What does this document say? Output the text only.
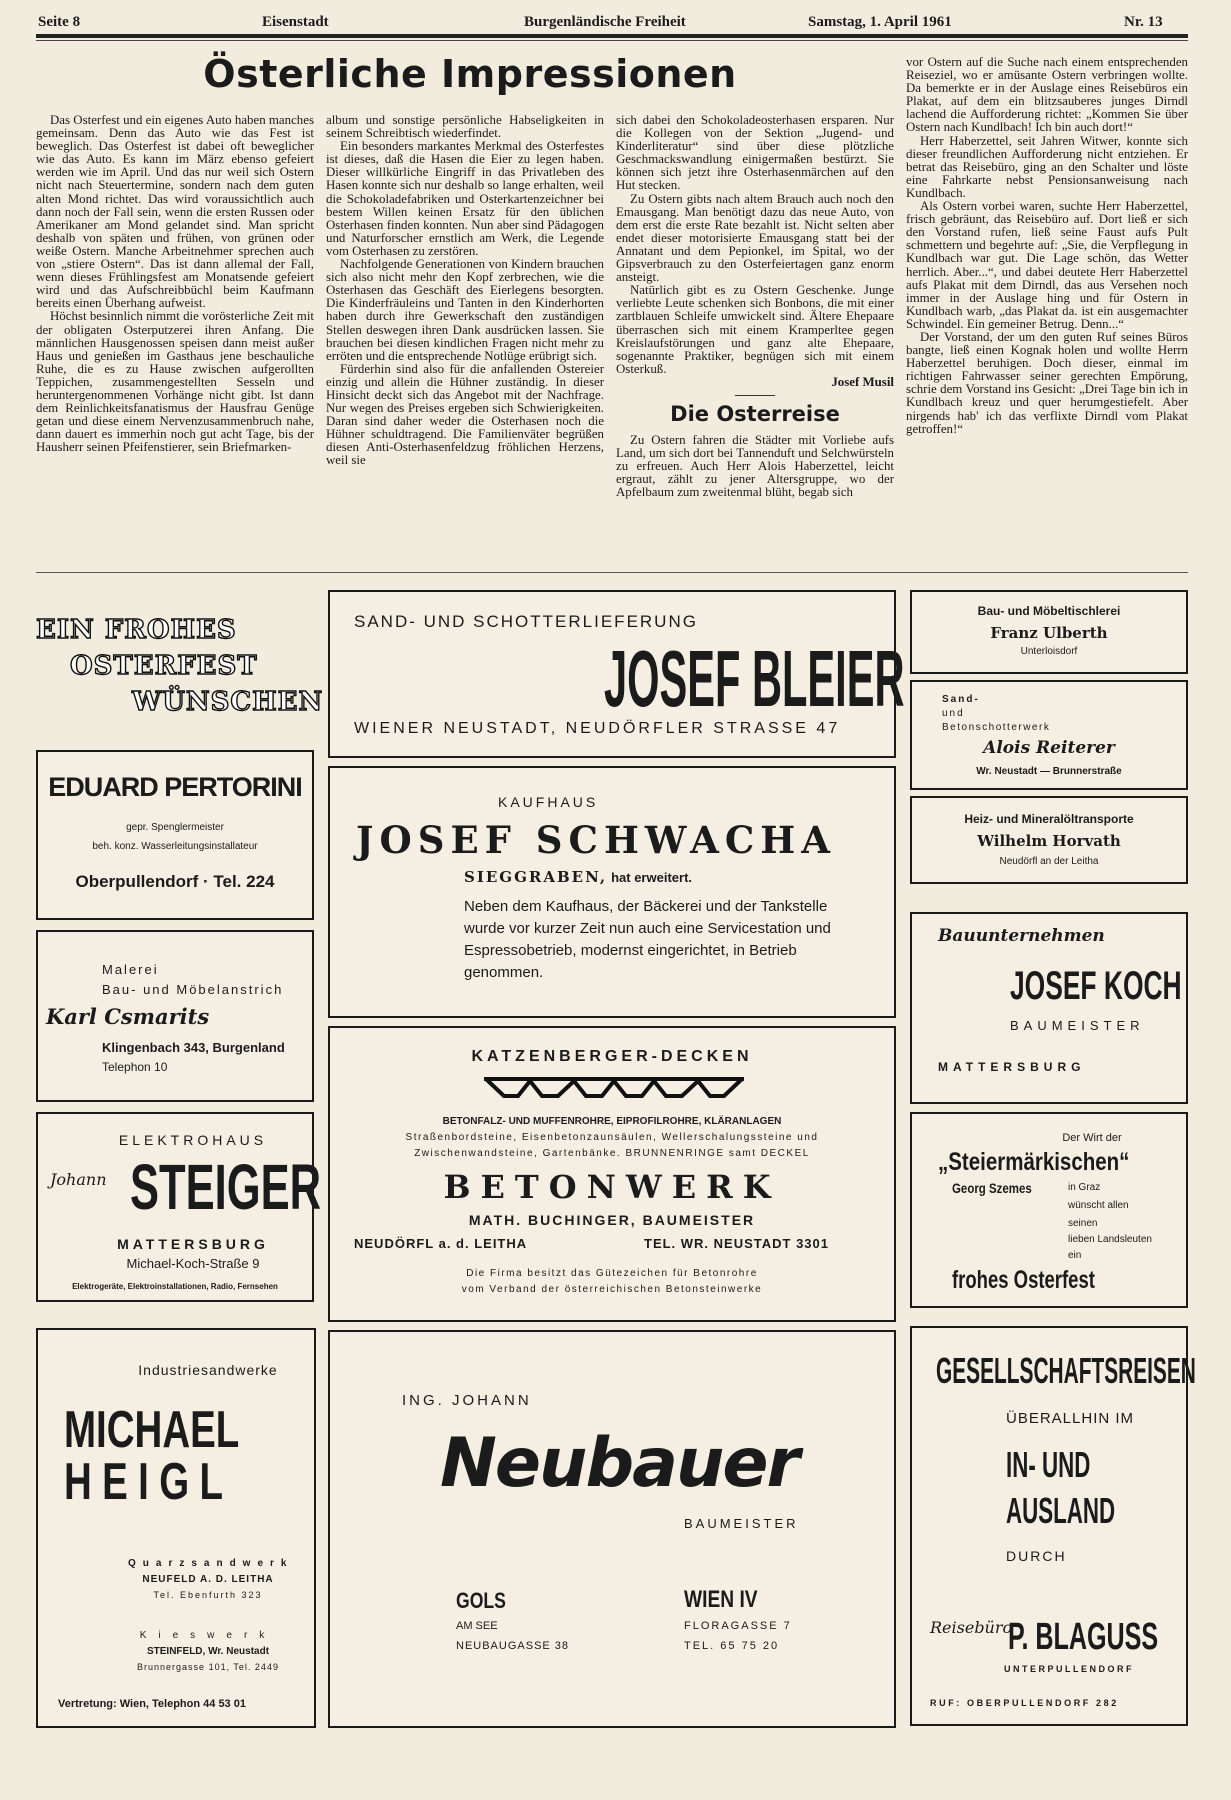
Seite 8	Eisenstadt	Burgenländische Freiheit	Samstag, 1. April 1961	Nr. 13
Österliche Impressionen

Das Osterfest und ein eigenes Auto haben manches gemeinsam. Denn das Auto wie das Fest ist beweglich. Das Osterfest ist dabei oft beweglicher wie das Auto. Es kann im März ebenso gefeiert werden wie im April. Und das nur weil sich Ostern nicht nach Steuertermine, sondern nach dem guten alten Mond richtet. Das wird voraussichtlich auch dann noch der Fall sein, wenn die ersten Russen oder Amerikaner am Mond gelandet sind. Man spricht deshalb von späten und frühen, von grünen oder weiße Ostern. Manche Arbeitnehmer sprechen auch von „stiere Ostern“. Das ist dann allemal der Fall, wenn dieses Frühlingsfest am Monatsende gefeiert wird und das Aufschreibbüchl beim Kaufmann bereits einen Überhang aufweist.

Höchst besinnlich nimmt die vorösterliche Zeit mit der obligaten Osterputzerei ihren Anfang. Die männlichen Hausgenossen speisen dann meist außer Haus und genießen im Gasthaus jene beschauliche Ruhe, die es zu Hause zwischen aufgerollten Teppichen, zusammengestellten Sesseln und heruntergenommenen Vorhänge nicht gibt. Ist dann dem Reinlichkeitsfanatismus der Hausfrau Genüge getan und diese einem Nervenzusammenbruch nahe, dann dauert es immerhin noch gut acht Tage, bis der Hausherr seinen Pfeifenstierer, sein Briefmarken-

album und sonstige persönliche Habseligkeiten in seinem Schreibtisch wiederfindet.

Ein besonders markantes Merkmal des Osterfestes ist dieses, daß die Hasen die Eier zu legen haben. Dieser willkürliche Eingriff in das Privatleben des Hasen konnte sich nur deshalb so lange erhalten, weil die Schokoladefabriken und Osterkartenzeichner bei bestem Willen keinen Ersatz für den üblichen Osterhasen finden konnten. Nun aber sind Pädagogen und Naturforscher ernstlich am Werk, die Legende vom Osterhasen zu zerstören.

Nachfolgende Generationen von Kindern brauchen sich also nicht mehr den Kopf zerbrechen, wie die Osterhasen das Geschäft des Eierlegens besorgten. Die Kinderfräuleins und Tanten in den Kinderhorten haben durch ihre Gewerkschaft den zuständigen Stellen deswegen ihren Dank ausdrücken lassen. Sie brauchen bei diesen kindlichen Fragen nicht mehr zu erröten und die entsprechende Notlüge erübrigt sich.

Fürderhin sind also für die anfallenden Ostereier einzig und allein die Hühner zuständig. In dieser Hinsicht deckt sich das Angebot mit der Nachfrage. Nur wegen des Preises ergeben sich Schwierigkeiten. Daran sind daher weder die Osterhasen noch die Hühner schuldtragend. Die Familienväter begrüßen diesen Anti-Osterhasenfeldzug fröhlichen Herzens, weil sie

sich dabei den Schokoladeosterhasen ersparen. Nur die Kollegen von der Sektion „Jugend- und Kinderliteratur“ sind über diese plötzliche Geschmackswandlung einigermaßen bestürzt. Sie können sich jetzt ihre Osterhasenmärchen auf den Hut stecken.

Zu Ostern gibts nach altem Brauch auch noch den Emausgang. Man benötigt dazu das neue Auto, von dem erst die erste Rate bezahlt ist. Nicht selten aber endet dieser motorisierte Emausgang statt bei der Annatant und dem Pepionkel, im Spital, wo der Gipsverbrauch zu den Osterfeiertagen ganz enorm ansteigt.

Natürlich gibt es zu Ostern Geschenke. Junge verliebte Leute schenken sich Bonbons, die mit einer zartblauen Schleife umwickelt sind. Ältere Ehepaare überraschen sich mit einem Kramperltee gegen Kreislaufstörungen und ganz alte Ehepaare, sogenannte Praktiker, begnügen sich mit einem Osterkuß.

Josef Musil
Die Osterreise

Zu Ostern fahren die Städter mit Vorliebe aufs Land, um sich dort bei Tannenduft und Selchwürsteln zu erfreuen. Auch Herr Alois Haberzettel, leicht ergraut, zählt zu jener Altersgruppe, wo der Apfelbaum zum zweitenmal blüht, begab sich

vor Ostern auf die Suche nach einem entsprechenden Reiseziel, wo er amüsante Ostern verbringen wollte. Da bemerkte er in der Auslage eines Reisebüros ein Plakat, auf dem ein blitzsauberes junges Dirndl lachend die Aufforderung richtet: „Kommen Sie über Ostern nach Kundlbach! Ich bin auch dort!“

Herr Haberzettel, seit Jahren Witwer, konnte sich dieser freundlichen Aufforderung nicht entziehen. Er betrat das Reisebüro, ging an den Schalter und löste eine Fahrkarte nebst Pensionsanweisung nach Kundlbach.

Als Ostern vorbei waren, suchte Herr Haberzettel, frisch gebräunt, das Reisebüro auf. Dort ließ er sich den Vorstand rufen, ließ seine Faust aufs Pult schmettern und begehrte auf: „Sie, die Verpflegung in Kundlbach war gut. Die Lage schön, das Wetter herrlich. Aber...“, und dabei deutete Herr Haberzettel aufs Plakat mit dem Dirndl, das aus Versehen noch immer in der Auslage hing und für Ostern in Kundlbach warb, „das Plakat da. ist ein ausgemachter Schwindel. Ein gemeiner Betrug. Denn...“

Der Vorstand, der um den guten Ruf seines Büros bangte, ließ einen Kognak holen und wollte Herrn Haberzettel beruhigen. Doch dieser, einmal im richtigen Fahrwasser seiner gerechten Empörung, schrie dem Vorstand ins Gesicht: „Drei Tage bin ich in Kundlbach kreuz und quer herumgestiefelt. Aber nirgends hab' ich das verflixte Dirndl vom Plakat getroffen!“

EIN FROHES
OSTERFEST
WÜNSCHEN
EDUARD PERTORINI
gepr. Spenglermeister
beh. konz. Wasserleitungsinstallateur
Oberpullendorf · Tel. 224
Malerei
Bau- und Möbelanstrich
Karl Csmarits
Klingenbach 343, Burgenland
Telephon 10
ELEKTROHAUS
Johann STEIGER
MATTERSBURG
Michael-Koch-Straße 9
Elektrogeräte, Elektroinstallationen, Radio, Fernsehen
Industriesandwerke
MICHAEL
HEIGL
Quarzsandwerk
NEUFELD A. D. LEITHA
Tel. Ebenfurth 323
Kieswerk
STEINFELD, Wr. Neustadt
Brunnergasse 101, Tel. 2449
Vertretung: Wien, Telephon 44 53 01
SAND- UND SCHOTTERLIEFERUNG
JOSEF BLEIER
WIENER NEUSTADT, NEUDÖRFLER STRASSE 47
KAUFHAUS
JOSEF SCHWACHA
SIEGGRABEN, hat erweitert.
Neben dem Kaufhaus, der Bäckerei und der Tankstelle wurde vor kurzer Zeit nun auch eine Servicestation und Espressobetrieb, modernst eingerichtet, in Betrieb genommen.
KATZENBERGER-DECKEN
BETONFALZ- UND MUFFENROHRE, EIPROFILROHRE, KLÄRANLAGEN
Straßenbordsteine, Eisenbetonzaunsäulen, Wellerschalungssteine und
Zwischenwandsteine, Gartenbänke. BRUNNENRINGE samt DECKEL
BETONWERK
MATH. BUCHINGER, BAUMEISTER
NEUDÖRFL a. d. LEITHA	TEL. WR. NEUSTADT 3301
Die Firma besitzt das Gütezeichen für Betonrohre
vom Verband der österreichischen Betonsteinwerke
ING. JOHANN
Neubauer
BAUMEISTER
GOLS
AM SEE
NEUBAUGASSE 38
WIEN IV
FLORAGASSE 7
TEL. 65 75 20
Bau- und Möbeltischlerei
Franz Ulberth
Unterloisdorf
Sand-
und
Betonschotterwerk
Alois Reiterer
Wr. Neustadt — Brunnerstraße
Heiz- und Mineralöltransporte
Wilhelm Horvath
Neudörfl an der Leitha
Bauunternehmen
JOSEF KOCH
BAUMEISTER
MATTERSBURG
Der Wirt der
„Steiermärkischen“
Georg Szemes	in Graz
wünscht allen
seinen
lieben Landsleuten
ein
frohes Osterfest
GESELLSCHAFTSREISEN
ÜBERALLHIN IM
IN- UND
AUSLAND
DURCH
Reisebüro
P. BLAGUSS
UNTERPULLENDORF
RUF: OBERPULLENDORF 282
